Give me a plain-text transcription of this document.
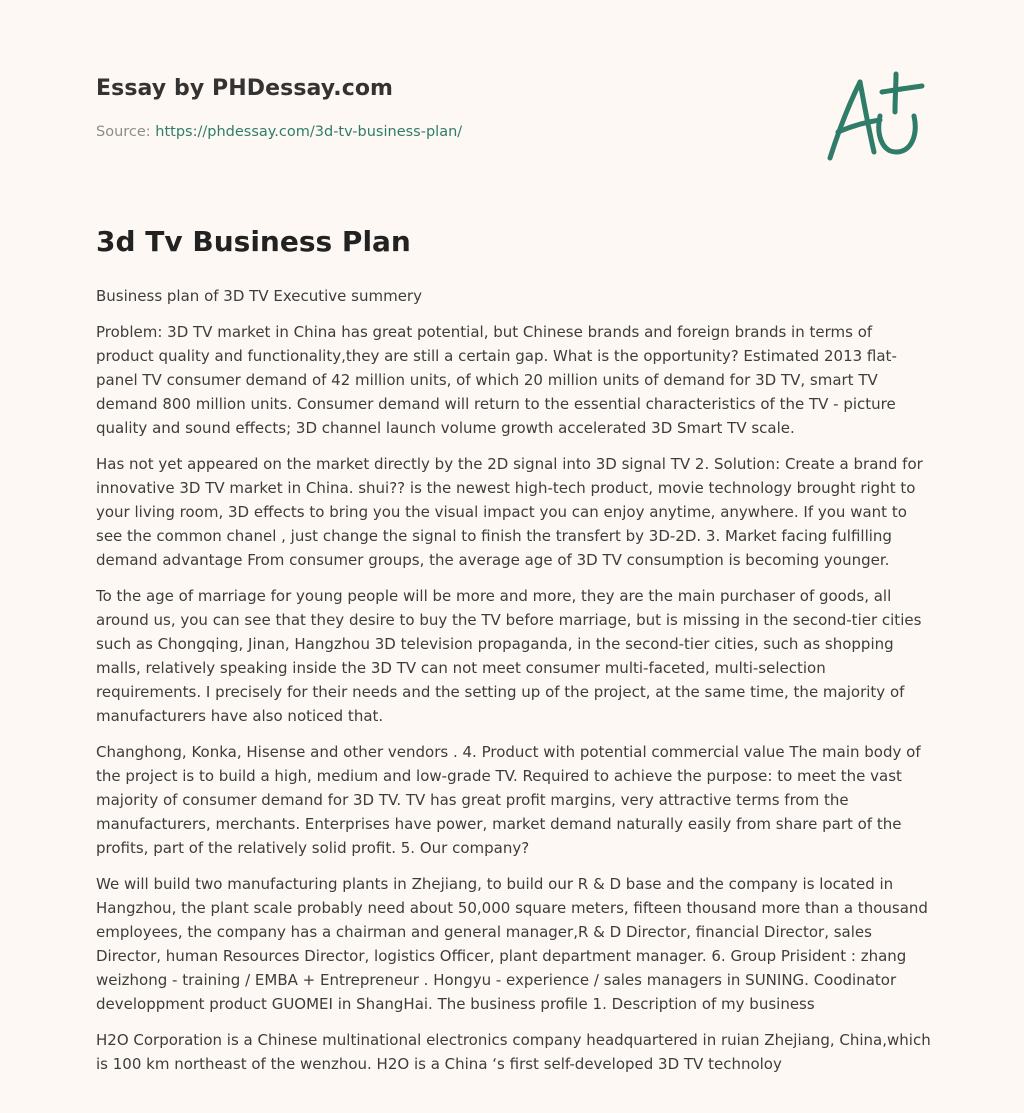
Essay by PHDessay.com
Source: https://phdessay.com/3d-tv-business-plan/
3d Tv Business Plan

Business plan of 3D TV Executive summery

Problem: 3D TV market in China has great potential, but Chinese brands and foreign brands in terms of product quality and functionality,they are still a certain gap. What is the opportunity? Estimated 2013 flat-panel TV consumer demand of 42 million units, of which 20 million units of demand for 3D TV, smart TV demand 800 million units. Consumer demand will return to the essential characteristics of the TV - picture quality and sound effects; 3D channel launch volume growth accelerated 3D Smart TV scale.

Has not yet appeared on the market directly by the 2D signal into 3D signal TV 2. Solution: Create a brand for innovative 3D TV market in China. shui?? is the newest high-tech product, movie technology brought right to your living room, 3D effects to bring you the visual impact you can enjoy anytime, anywhere. If you want to see the common chanel , just change the signal to finish the transfert by 3D-2D. 3. Market facing fulfilling demand advantage From consumer groups, the average age of 3D TV consumption is becoming younger.

To the age of marriage for young people will be more and more, they are the main purchaser of goods, all around us, you can see that they desire to buy the TV before marriage, but is missing in the second-tier cities such as Chongqing, Jinan, Hangzhou 3D television propaganda, in the second-tier cities, such as shopping malls, relatively speaking inside the 3D TV can not meet consumer multi-faceted, multi-selection requirements. I precisely for their needs and the setting up of the project, at the same time, the majority of manufacturers have also noticed that.

Changhong, Konka, Hisense and other vendors . 4. Product with potential commercial value The main body of the project is to build a high, medium and low-grade TV. Required to achieve the purpose: to meet the vast majority of consumer demand for 3D TV. TV has great profit margins, very attractive terms from the manufacturers, merchants. Enterprises have power, market demand naturally easily from share part of the profits, part of the relatively solid profit. 5. Our company?

We will build two manufacturing plants in Zhejiang, to build our R & D base and the company is located in Hangzhou, the plant scale probably need about 50,000 square meters, fifteen thousand more than a thousand employees, the company has a chairman and general manager,R & D Director, financial Director, sales Director, human Resources Director, logistics Officer, plant department manager. 6. Group Prisident : zhang weizhong - training / EMBA + Entrepreneur . Hongyu - experience / sales managers in SUNING. Coodinator developpment product GUOMEI in ShangHai. The business profile 1. Description of my business

H2O Corporation is a Chinese multinational electronics company headquartered in ruian Zhejiang, China,which is 100 km northeast of the wenzhou. H2O is a China ‘s first self-developed 3D TV technoloy
